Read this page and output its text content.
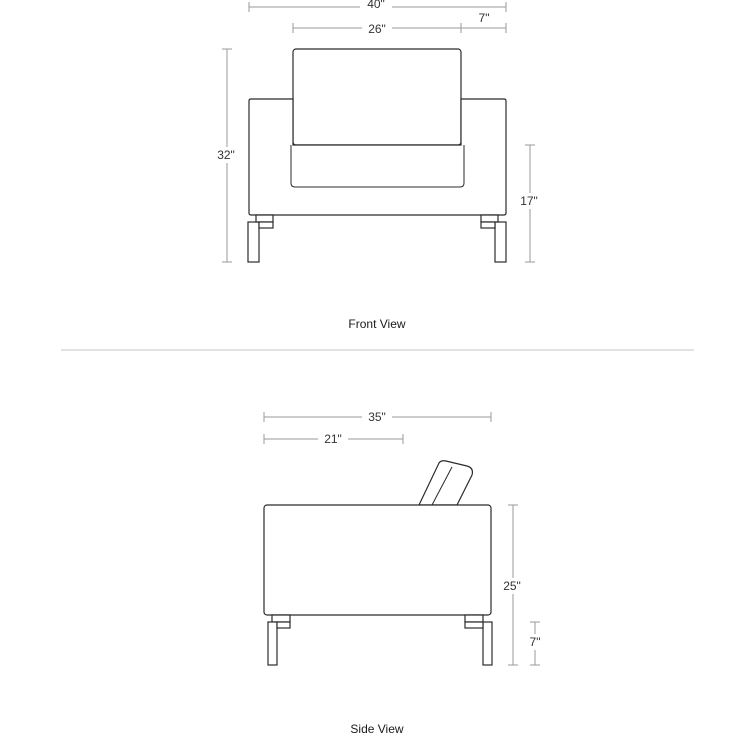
40"
26"
7"
32"
17"
Front View
35"
21"
25"
7"
Side View
